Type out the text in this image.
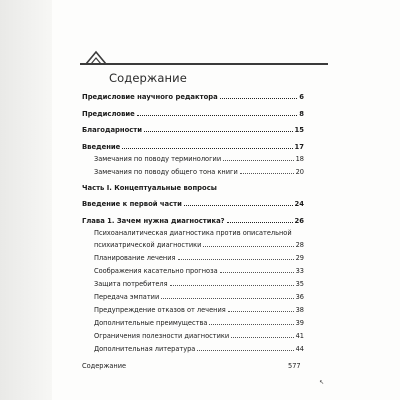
Содержание
Предисловие научного редактора	6
Предисловие	8
Благодарности	15
Введение	17
Замечания по поводу терминологии	18
Замечания по поводу общего тона книги	20
Часть I. Концептуальные вопросы
Введение к первой части	24
Глава 1. Зачем нужна диагностика?	26
Психоаналитическая диагностика против описательной
психиатрической диагностики	28
Планирование лечения	29
Соображения касательно прогноза	33
Защита потребителя	35
Передача эмпатии	36
Предупреждение отказов от лечения	38
Дополнительные преимущества	39
Ограничения полезности диагностики	41
Дополнительная литература	44
Содержание	577
↖
